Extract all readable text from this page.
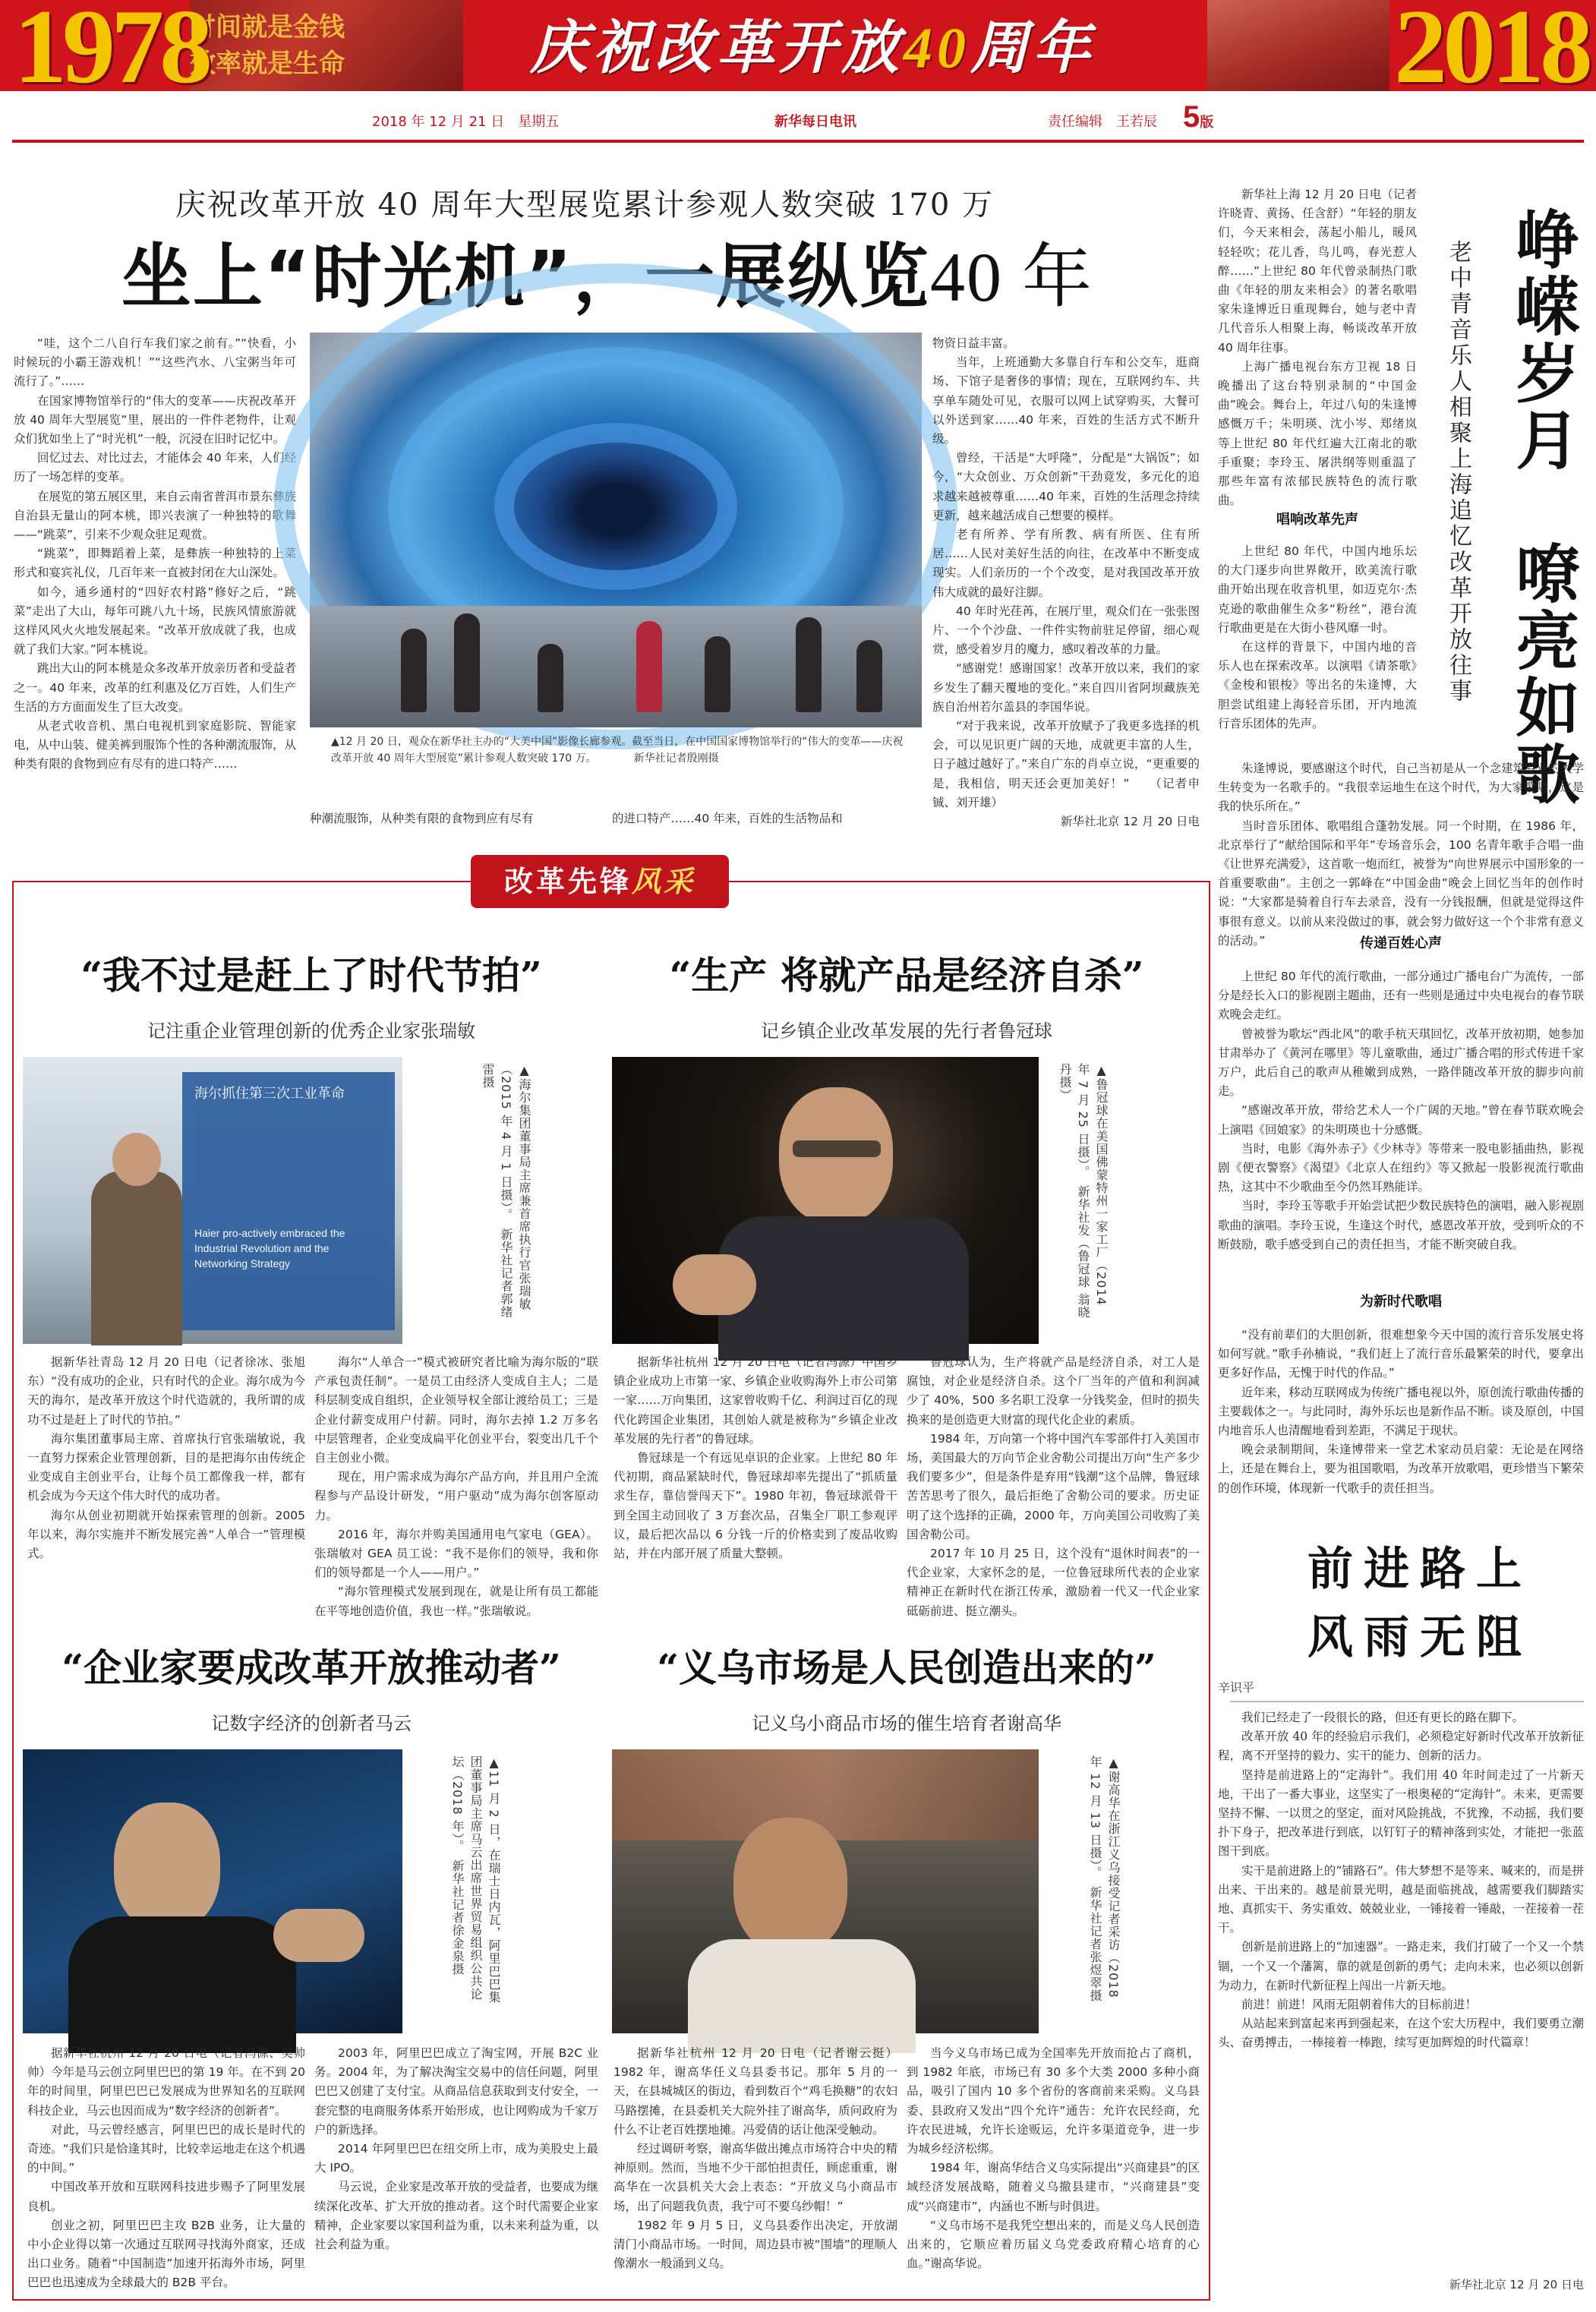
时间就是金钱
效率就是生命
1978	2018
庆祝改革开放40周年
2018 年 12 月 21 日　星期五	新华每日电讯	责任编辑　王若辰 5版
庆祝改革开放 40 周年大型展览累计参观人数突破 170 万
坐上“时光机”，一展纵览40 年

“哇，这个二八自行车我们家之前有。”“快看，小时候玩的小霸王游戏机！”“这些汽水、八宝粥当年可流行了。”……

在国家博物馆举行的“伟大的变革——庆祝改革开放 40 周年大型展览”里，展出的一件件老物件，让观众们犹如坐上了“时光机”一般，沉浸在旧时记忆中。

回忆过去、对比过去，才能体会 40 年来，人们经历了一场怎样的变革。

在展览的第五展区里，来自云南省普洱市景东彝族自治县无量山的阿本桃，即兴表演了一种独特的歌舞——“跳菜”，引来不少观众驻足观赏。

“跳菜”，即舞蹈着上菜，是彝族一种独特的上菜形式和宴宾礼仪，几百年来一直被封闭在大山深处。

如今，通乡通村的“四好农村路”修好之后，“跳菜”走出了大山，每年可跳八九十场，民族风情旅游就这样风风火火地发展起来。“改革开放成就了我，也成就了我们大家。”阿本桃说。

跳出大山的阿本桃是众多改革开放亲历者和受益者之一。40 年来，改革的红利惠及亿万百姓，人们生产生活的方方面面发生了巨大改变。

从老式收音机、黑白电视机到家庭影院、智能家电，从中山装、健美裤到服饰个性的各种潮流服饰，从种类有限的食物到应有尽有的进口特产……

▲12 月 20 日，观众在新华社主办的“大美中国”影像长廊参观。截至当日，在中国国家博物馆举行的“伟大的变革——庆祝改革开放 40 周年大型展览”累计参观人数突破 170 万。　　　　新华社记者殷刚摄
种潮流服饰，从种类有限的食物到应有尽有	的进口特产……40 年来，百姓的生活物品和
物资日益丰富。

当年，上班通勤大多靠自行车和公交车，逛商场、下馆子是奢侈的事情；现在，互联网约车、共享单车随处可见，衣服可以网上试穿购买，大餐可以外送到家……40 年来，百姓的生活方式不断升级。

曾经，干活是“大呼隆”，分配是“大锅饭”；如今，“大众创业、万众创新”干劲竟发，多元化的追求越来越被尊重……40 年来，百姓的生活理念持续更新，越来越活成自己想要的模样。

老有所养、学有所教、病有所医、住有所居……人民对美好生活的向往，在改革中不断变成现实。人们亲历的一个个改变，是对我国改革开放伟大成就的最好注脚。

40 年时光荏苒，在展厅里，观众们在一张张图片、一个个沙盘、一件件实物前驻足停留，细心观赏，感受着岁月的魔力，感叹着改革的力量。

“感谢党！感谢国家！改革开放以来，我们的家乡发生了翻天覆地的变化。”来自四川省阿坝藏族羌族自治州若尔盖县的李国华说。

“对于我来说，改革开放赋予了我更多选择的机会，可以见识更广阔的天地，成就更丰富的人生，日子越过越好了。”来自广东的肖卓立说，“更重要的是，我相信，明天还会更加美好！”　　（记者申铖、刘开雄）

新华社北京 12 月 20 日电
峥嵘岁月　嘹亮如歌
老中青音乐人相聚上海追忆改革开放往事

新华社上海 12 月 20 日电（记者许晓青、黄扬、任含舒）“年轻的朋友们，今天来相会，荡起小船儿，暖风轻轻吹；花儿香，鸟儿鸣，春光惹人醉……”上世纪 80 年代曾录制热门歌曲《年轻的朋友来相会》的著名歌唱家朱逢博近日重现舞台，她与老中青几代音乐人相聚上海，畅谈改革开放 40 周年往事。

上海广播电视台东方卫视 18 日晚播出了这台特别录制的“中国金曲”晚会。舞台上，年过八旬的朱逢博感慨万千；朱明瑛、沈小岑、郑绪岚等上世纪 80 年代红遍大江南北的歌手重聚；李玲玉、屠洪纲等则重温了那些年富有浓郁民族特色的流行歌曲。

唱响改革先声

上世纪 80 年代，中国内地乐坛的大门逐步向世界敞开，欧美流行歌曲开始出现在收音机里，如迈克尔·杰克逊的歌曲催生众多“粉丝”，港台流行歌曲更是在大街小巷风靡一时。

在这样的背景下，中国内地的音乐人也在探索改革。以演唱《请茶歌》《金梭和银梭》等出名的朱逢博，大胆尝试组建上海轻音乐团，开内地流行音乐团体的先声。

朱逢博说，要感谢这个时代，自己当初是从一个念建筑专业的大学生转变为一名歌手的。“我很幸运地生在这个时代，为大家歌唱，这是我的快乐所在。”

当时音乐团体、歌唱组合蓬勃发展。同一个时期，在 1986 年，北京举行了“献给国际和平年”专场音乐会，100 名青年歌手合唱一曲《让世界充满爱》，这首歌一炮而红，被誉为“向世界展示中国形象的一首重要歌曲”。主创之一郭峰在“中国金曲”晚会上回忆当年的创作时说：“大家都是骑着自行车去录音，没有一分钱报酬，但就是觉得这件事很有意义。以前从来没做过的事，就会努力做好这一个个非常有意义的活动。”	传递百姓心声

上世纪 80 年代的流行歌曲，一部分通过广播电台广为流传，一部分是经长入口的影视剧主题曲，还有一些则是通过中央电视台的春节联欢晚会走红。

曾被誉为歌坛“西北风”的歌手杭天琪回忆，改革开放初期，她参加甘肃举办了《黄河在哪里》等儿童歌曲，通过广播合唱的形式传进千家万户，此后自己的歌声从稚嫩到成熟，一路伴随改革开放的脚步向前走。

“感谢改革开放，带给艺术人一个广阔的天地。”曾在春节联欢晚会上演唱《回娘家》的朱明瑛也十分感慨。

当时，电影《海外赤子》《少林寺》等带来一股电影插曲热，影视剧《便衣警察》《渴望》《北京人在纽约》等又掀起一股影视流行歌曲热，这其中不少歌曲至今仍然耳熟能详。

当时，李玲玉等歌手开始尝试把少数民族特色的演唱，融入影视剧歌曲的演唱。李玲玉说，生逢这个时代，感恩改革开放，受到听众的不断鼓励，歌手感受到自己的责任担当，才能不断突破自我。

为新时代歌唱

“没有前辈们的大胆创新，很难想象今天中国的流行音乐发展史将如何写就。”歌手孙楠说，“我们赶上了流行音乐最繁荣的时代，要拿出更多好作品，无愧于时代的作品。”

近年来，移动互联网成为传统广播电视以外，原创流行歌曲传播的主要载体之一。与此同时，海外乐坛也是新作品不断。谈及原创，中国内地音乐人也清醒地看到差距，不满足于现状。

晚会录制期间，朱逢博带来一堂艺术家动员启蒙：无论是在网络上，还是在舞台上，要为祖国歌唱，为改革开放歌唱，更珍惜当下繁荣的创作环境，体现新一代歌手的责任担当。

改革先锋风采
“我不过是赶上了时代节拍”
记注重企业管理创新的优秀企业家张瑞敏
海尔抓住第三次工业革命
Haier pro-actively embraced the Industrial Revolution and the Networking Strategy	▲海尔集团董事局主席兼首席执行官张瑞敏（2015 年 4 月 1 日摄）。　新华社记者郭绪雷摄

据新华社青岛 12 月 20 日电（记者徐冰、张旭东）“没有成功的企业，只有时代的企业。海尔成为今天的海尔，是改革开放这个时代造就的，我所谓的成功不过是赶上了时代的节拍。”

海尔集团董事局主席、首席执行官张瑞敏说，我一直努力探索企业管理创新，目的是把海尔由传统企业变成自主创业平台，让每个员工都像我一样，都有机会成为今天这个伟大时代的成功者。

海尔从创业初期就开始探索管理的创新。2005 年以来，海尔实施并不断发展完善“人单合一”管理模式。

海尔“人单合一”模式被研究者比喻为海尔版的“联产承包责任制”。一是员工由经济人变成自主人；二是科层制变成自组织，企业领导权全部让渡给员工；三是企业付薪变成用户付薪。同时，海尔去掉 1.2 万多名中层管理者，企业变成扁平化创业平台，裂变出几千个自主创业小微。

现在，用户需求成为海尔产品方向，并且用户全流程参与产品设计研发，“用户驱动”成为海尔创客原动力。

2016 年，海尔并购美国通用电气家电（GEA）。张瑞敏对 GEA 员工说：“我不是你们的领导，我和你们的领导都是一个人——用户。”

“海尔管理模式发展到现在，就是让所有员工都能在平等地创造价值，我也一样。”张瑞敏说。

“生产 将就产品是经济自杀”
记乡镇企业改革发展的先行者鲁冠球
▲鲁冠球在美国佛蒙特州一家工厂（2014 年 7 月 25 日摄）。　新华社发（鲁冠球 翁晓丹摄）

据新华社杭州 12 月 20 日电（记者冯源）中国乡镇企业成功上市第一家、乡镇企业收购海外上市公司第一家……万向集团，这家曾收购千亿、利润过百亿的现代化跨国企业集团，其创始人就是被称为“乡镇企业改革发展的先行者”的鲁冠球。

鲁冠球是一个有远见卓识的企业家。上世纪 80 年代初期，商品紧缺时代，鲁冠球却率先提出了“抓质量求生存，靠信誉闯天下”。1980 年初，鲁冠球派骨干到全国主动回收了 3 万套次品，召集全厂职工参观评议，最后把次品以 6 分钱一斤的价格卖到了废品收购站，并在内部开展了质量大整顿。

鲁冠球认为，生产将就产品是经济自杀，对工人是腐蚀，对企业是经济自杀。这个厂当年的产值和利润减少了 40%，500 多名职工没拿一分钱奖金，但时的损失换来的是创造更大财富的现代化企业的素质。

1984 年，万向第一个将中国汽车零部件打入美国市场，美国最大的万向节企业舍勒公司提出万向“生产多少我们要多少”，但是条件是弃用“钱潮”这个品牌，鲁冠球苦苦思考了很久，最后拒绝了舍勒公司的要求。历史证明了这个选择的正确，2000 年，万向美国公司收购了美国舍勒公司。

2017 年 10 月 25 日，这个没有“退休时间表”的一代企业家，大家怀念的是，一位鲁冠球所代表的企业家精神正在新时代在浙江传承，激励着一代又一代企业家砥砺前进、挺立潮头。

“企业家要成改革开放推动者”
记数字经济的创新者马云
▲11 月 2 日，在瑞士日内瓦，阿里巴巴集团董事局主席马云出席世界贸易组织公共论坛（2018 年）。　新华社记者徐金泉摄

据新华社杭州 12 月 20 日电（记者冯源、吴帅帅）今年是马云创立阿里巴巴的第 19 年。在不到 20 年的时间里，阿里巴巴已发展成为世界知名的互联网科技企业，马云也因而成为“数字经济的创新者”。

对此，马云曾经感言，阿里巴巴的成长是时代的奇迹。“我们只是恰逢其时，比较幸运地走在这个机遇的中间。”

中国改革开放和互联网科技进步赐予了阿里发展良机。

创业之初，阿里巴巴主攻 B2B 业务，让大量的中小企业得以第一次通过互联网寻找海外商家，还成出口业务。随着“中国制造”加速开拓海外市场，阿里巴巴也迅速成为全球最大的 B2B 平台。

2003 年，阿里巴巴成立了淘宝网，开展 B2C 业务。2004 年，为了解决淘宝交易中的信任问题，阿里巴巴又创建了支付宝。从商品信息获取到支付安全，一套完整的电商服务体系开始形成，也让网购成为千家万户的新选择。

2014 年阿里巴巴在纽交所上市，成为美股史上最大 IPO。

马云说，企业家是改革开放的受益者，也要成为继续深化改革、扩大开放的推动者。这个时代需要企业家精神，企业家要以家国利益为重，以未来利益为重，以社会利益为重。

“义乌市场是人民创造出来的”
记义乌小商品市场的催生培育者谢高华
▲谢高华在浙江义乌接受记者采访（2018 年 12 月 13 日摄）。　新华社记者张煜翠摄

据新华社杭州 12 月 20 日电（记者谢云挺）1982 年，谢高华任义乌县委书记。那年 5 月的一天，在县城城区的街边，看到数百个“鸡毛换糖”的农妇马路摆摊，在县委机关大院外挂了谢高华，质问政府为什么不让老百姓摆地摊。冯爱倩的话让他深受触动。

经过调研考察，谢高华做出摊点市场符合中央的精神原则。然而，当地不少干部怕担责任，顾虑重重，谢高华在一次县机关大会上表态：“开放义乌小商品市场，出了问题我负责，我宁可不要乌纱帽！”

1982 年 9 月 5 日，义乌县委作出决定，开放湖清门小商品市场。一时间，周边县市被“围墙”的理顺人像潮水一般涌到义乌。

当今义乌市场已成为全国率先开放而抢占了商机，到 1982 年底，市场已有 30 多个大类 2000 多种小商品，吸引了国内 10 多个省份的客商前来采购。义乌县委、县政府又发出“四个允许”通告：允许农民经商，允许农民进城，允许长途贩运，允许多渠道竞争，进一步为城乡经济松绑。

1984 年，谢高华结合义乌实际提出“兴商建县”的区域经济发展战略，随着义乌撤县建市，“兴商建县”变成“兴商建市”，内涵也不断与时俱进。

“义乌市场不是我凭空想出来的，而是义乌人民创造出来的，它顺应着历届义乌党委政府精心培育的心血。”谢高华说。

前进路上
风雨无阻
辛识平

我们已经走了一段很长的路，但还有更长的路在脚下。

改革开放 40 年的经验启示我们，必须稳定好新时代改革开放新征程，离不开坚持的毅力、实干的能力、创新的活力。

坚持是前进路上的“定海针”。我们用 40 年时间走过了一片新天地，干出了一番大事业，这坚实了一根奥秘的“定海针”。未来，更需要坚持不懈、一以贯之的坚定，面对风险挑战，不犹豫，不动摇，我们要扑下身子，把改革进行到底，以钉钉子的精神落到实处，才能把一张蓝图干到底。

实干是前进路上的“铺路石”。伟大梦想不是等来、喊来的，而是拼出来、干出来的。越是前景光明，越是面临挑战，越需要我们脚踏实地、真抓实干、务实重效、兢兢业业，一锤接着一锤敲，一茬接着一茬干。

创新是前进路上的“加速器”。一路走来，我们打破了一个又一个禁锢，一个又一个藩篱，靠的就是创新的勇气；走向未来，也必须以创新为动力，在新时代新征程上闯出一片新天地。

前进！前进！风雨无阻朝着伟大的目标前进！

从站起来到富起来再到强起来，在这个宏大历程中，我们要勇立潮头、奋勇搏击，一棒接着一棒跑，续写更加辉煌的时代篇章！

新华社北京 12 月 20 日电
